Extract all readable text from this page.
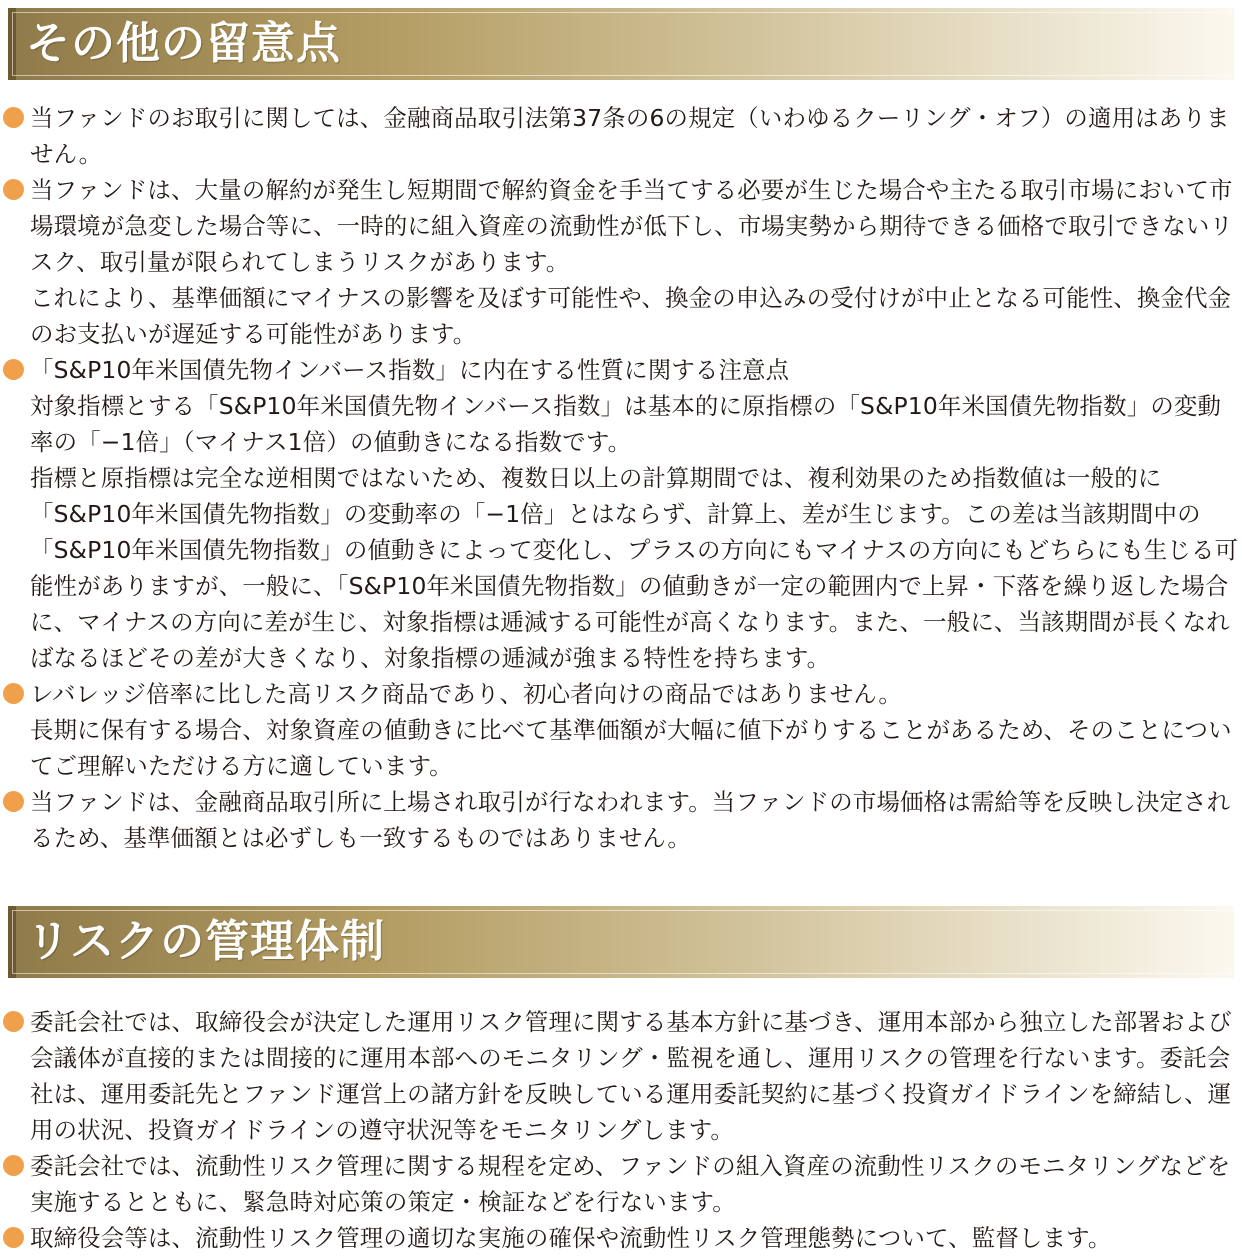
その他の留意点

当ファンドのお取引に関しては、金融商品取引法第37条の6の規定（いわゆるクーリング・オフ）の適用はありません。

当ファンドは、大量の解約が発生し短期間で解約資金を手当てする必要が生じた場合や主たる取引市場において市場環境が急変した場合等に、一時的に組入資産の流動性が低下し、市場実勢から期待できる価格で取引できないリスク、取引量が限られてしまうリスクがあります。

これにより、基準価額にマイナスの影響を及ぼす可能性や、換金の申込みの受付けが中止となる可能性、換金代金のお支払いが遅延する可能性があります。

「S&P10年米国債先物インバース指数」に内在する性質に関する注意点

対象指標とする「S&P10年米国債先物インバース指数」は基本的に原指標の「S&P10年米国債先物指数」の変動率の「−1倍」（マイナス1倍）の値動きになる指数です。

指標と原指標は完全な逆相関ではないため、複数日以上の計算期間では、複利効果のため指数値は一般的に「S&P10年米国債先物指数」の変動率の「−1倍」とはならず、計算上、差が生じます。この差は当該期間中の「S&P10年米国債先物指数」の値動きによって変化し、プラスの方向にもマイナスの方向にもどちらにも生じる可能性がありますが、一般に、「S&P10年米国債先物指数」の値動きが一定の範囲内で上昇・下落を繰り返した場合に、マイナスの方向に差が生じ、対象指標は逓減する可能性が高くなります。また、一般に、当該期間が長くなればなるほどその差が大きくなり、対象指標の逓減が強まる特性を持ちます。

レバレッジ倍率に比した高リスク商品であり、初心者向けの商品ではありません。

長期に保有する場合、対象資産の値動きに比べて基準価額が大幅に値下がりすることがあるため、そのことについてご理解いただける方に適しています。

当ファンドは、金融商品取引所に上場され取引が行なわれます。当ファンドの市場価格は需給等を反映し決定されるため、基準価額とは必ずしも一致するものではありません。

リスクの管理体制

委託会社では、取締役会が決定した運用リスク管理に関する基本方針に基づき、運用本部から独立した部署および会議体が直接的または間接的に運用本部へのモニタリング・監視を通し、運用リスクの管理を行ないます。委託会社は、運用委託先とファンド運営上の諸方針を反映している運用委託契約に基づく投資ガイドラインを締結し、運用の状況、投資ガイドラインの遵守状況等をモニタリングします。

委託会社では、流動性リスク管理に関する規程を定め、ファンドの組入資産の流動性リスクのモニタリングなどを実施するとともに、緊急時対応策の策定・検証などを行ないます。

取締役会等は、流動性リスク管理の適切な実施の確保や流動性リスク管理態勢について、監督します。
